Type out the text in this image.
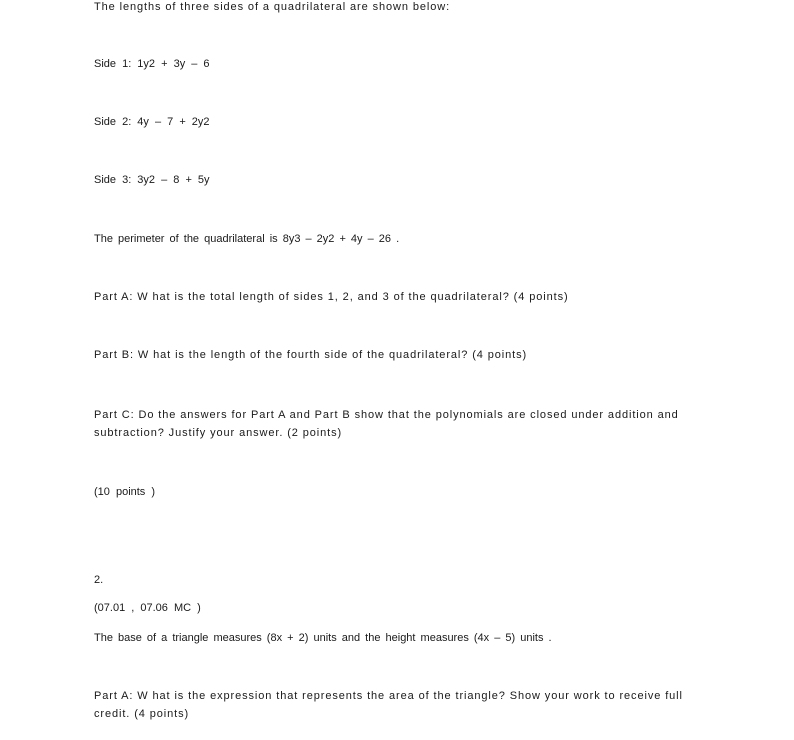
The lengths of three sides of a quadrilateral are shown below:
Side 1: 1y2 + 3y – 6
Side 2: 4y – 7 + 2y2
Side 3: 3y2 – 8 + 5y
The perimeter of the quadrilateral is 8y3 – 2y2 + 4y – 26 .
Part A: W hat is the total length of sides 1, 2, and 3 of the quadrilateral? (4 points)
Part B: W hat is the length of the fourth side of the quadrilateral? (4 points)
Part C: Do the answers for Part A and Part B show that the polynomials are closed under addition and subtraction? Justify your answer. (2 points)
(10 points )
2.
(07.01 , 07.06 MC )
The base of a triangle measures (8x + 2) units and the height measures (4x – 5) units .
Part A: W hat is the expression that represents the area of the triangle? Show your work to receive full credit. (4 points)
